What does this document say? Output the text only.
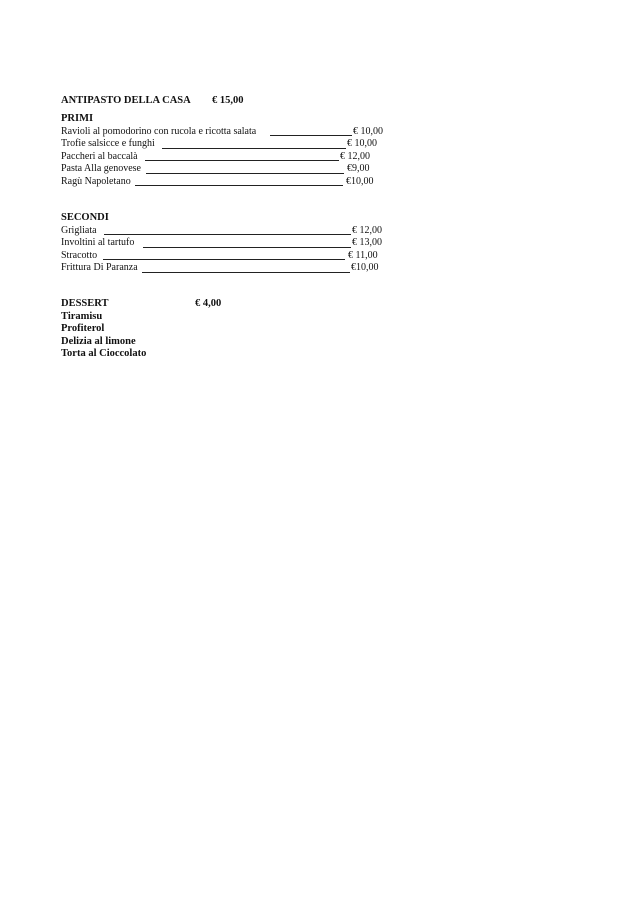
ANTIPASTO DELLA CASA € 15,00
PRIMI
Ravioli al pomodorino con rucola e ricotta salata	€ 10,00
Trofie salsicce e funghi	€ 10,00
Paccheri al baccalà	€ 12,00
Pasta Alla genovese	€9,00
Ragù Napoletano	€10,00
SECONDI
Grigliata	€ 12,00
Involtini al tartufo	€ 13,00
Stracotto	€ 11,00
Frittura Di Paranza	€10,00
DESSERT	€ 4,00
Tiramisu
Profiterol
Delizia al limone
Torta al Cioccolato
